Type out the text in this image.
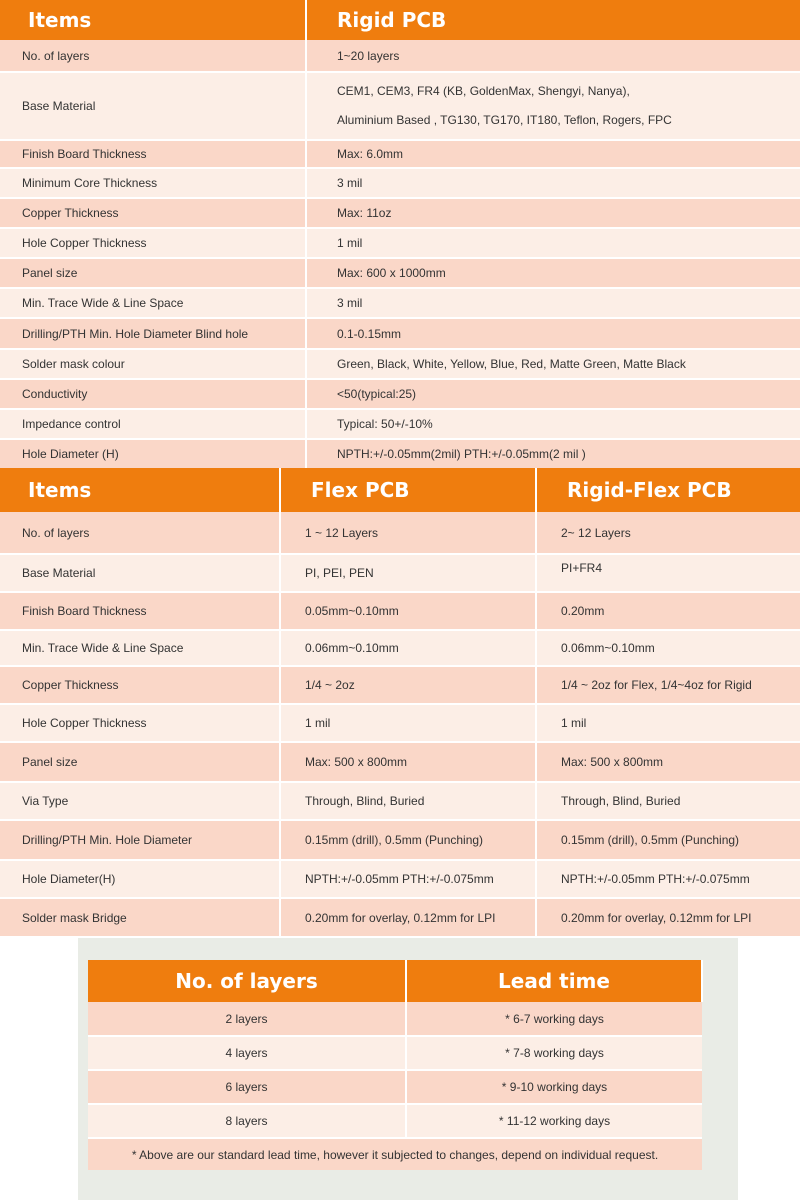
Items	Rigid PCB
No. of layers	1~20 layers
Base Material	CEM1, CEM3, FR4 (KB, GoldenMax, Shengyi, Nanya),
Aluminium Based , TG130, TG170, IT180, Teflon, Rogers, FPC

Finish Board Thickness	Max: 6.0mm
Minimum Core Thickness	3 mil
Copper Thickness	Max: 11oz
Hole Copper Thickness	1 mil
Panel size	Max: 600 x 1000mm
Min. Trace Wide & Line Space	3 mil
Drilling/PTH Min. Hole Diameter Blind hole	0.1-0.15mm
Solder mask colour	Green, Black, White, Yellow, Blue, Red, Matte Green, Matte Black
Conductivity	<50(typical:25)
Impedance control	Typical: 50+/-10%
Hole Diameter (H)	NPTH:+/-0.05mm(2mil) PTH:+/-0.05mm(2 mil )
Items	Flex PCB	Rigid-Flex PCB
No. of layers	1 ~ 12 Layers	2~ 12 Layers
Base Material	PI, PEI, PEN	PI+FR4
Finish Board Thickness	0.05mm~0.10mm	0.20mm
Min. Trace Wide & Line Space	0.06mm~0.10mm	0.06mm~0.10mm
Copper Thickness	1/4 ~ 2oz	1/4 ~ 2oz for Flex, 1/4~4oz for Rigid
Hole Copper Thickness	1 mil	1 mil
Panel size	Max: 500 x 800mm	Max: 500 x 800mm
Via Type	Through, Blind, Buried	Through, Blind, Buried
Drilling/PTH Min. Hole Diameter	0.15mm (drill), 0.5mm (Punching)	0.15mm (drill), 0.5mm (Punching)
Hole Diameter(H)	NPTH:+/-0.05mm PTH:+/-0.075mm	NPTH:+/-0.05mm PTH:+/-0.075mm
Solder mask Bridge	0.20mm for overlay, 0.12mm for LPI	0.20mm for overlay, 0.12mm for LPI
No. of layers	Lead time
2 layers	* 6-7 working days
4 layers	* 7-8 working days
6 layers	* 9-10 working days
8 layers	* 11-12 working days
* Above are our standard lead time, however it subjected to changes, depend on individual request.	
